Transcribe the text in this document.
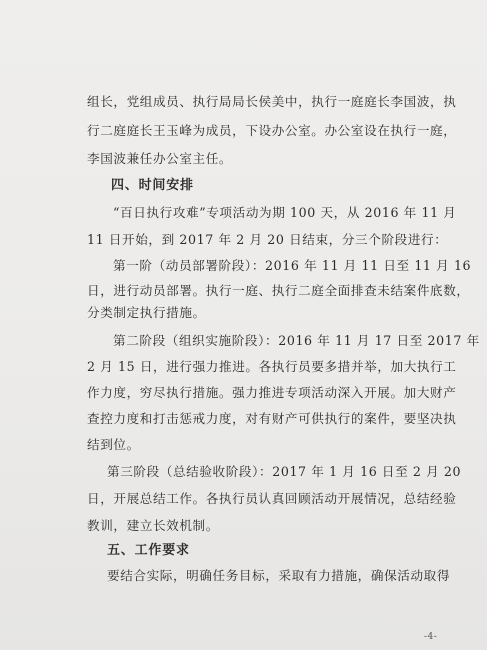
组长，党组成员、执行局局长侯美中，执行一庭庭长李国波，执
行二庭庭长王玉峰为成员，下设办公室。办公室设在执行一庭，
李国波兼任办公室主任。
四、时间安排
“百日执行攻难”专项活动为期 100 天，从 2016 年 11 月
11 日开始，到 2017 年 2 月 20 日结束，分三个阶段进行：
第一阶（动员部署阶段）：2016 年 11 月 11 日至 11 月 16
日，进行动员部署。执行一庭、执行二庭全面排查未结案件底数，
分类制定执行措施。
第二阶段（组织实施阶段）：2016 年 11 月 17 日至 2017 年
2 月 15 日，进行强力推进。各执行员要多措并举，加大执行工
作力度，穷尽执行措施。强力推进专项活动深入开展。加大财产
查控力度和打击惩戒力度，对有财产可供执行的案件，要坚决执
结到位。
第三阶段（总结验收阶段）：2017 年 1 月 16 日至 2 月 20
日，开展总结工作。各执行员认真回顾活动开展情况，总结经验
教训，建立长效机制。
五、工作要求
要结合实际，明确任务目标，采取有力措施，确保活动取得
-4-
